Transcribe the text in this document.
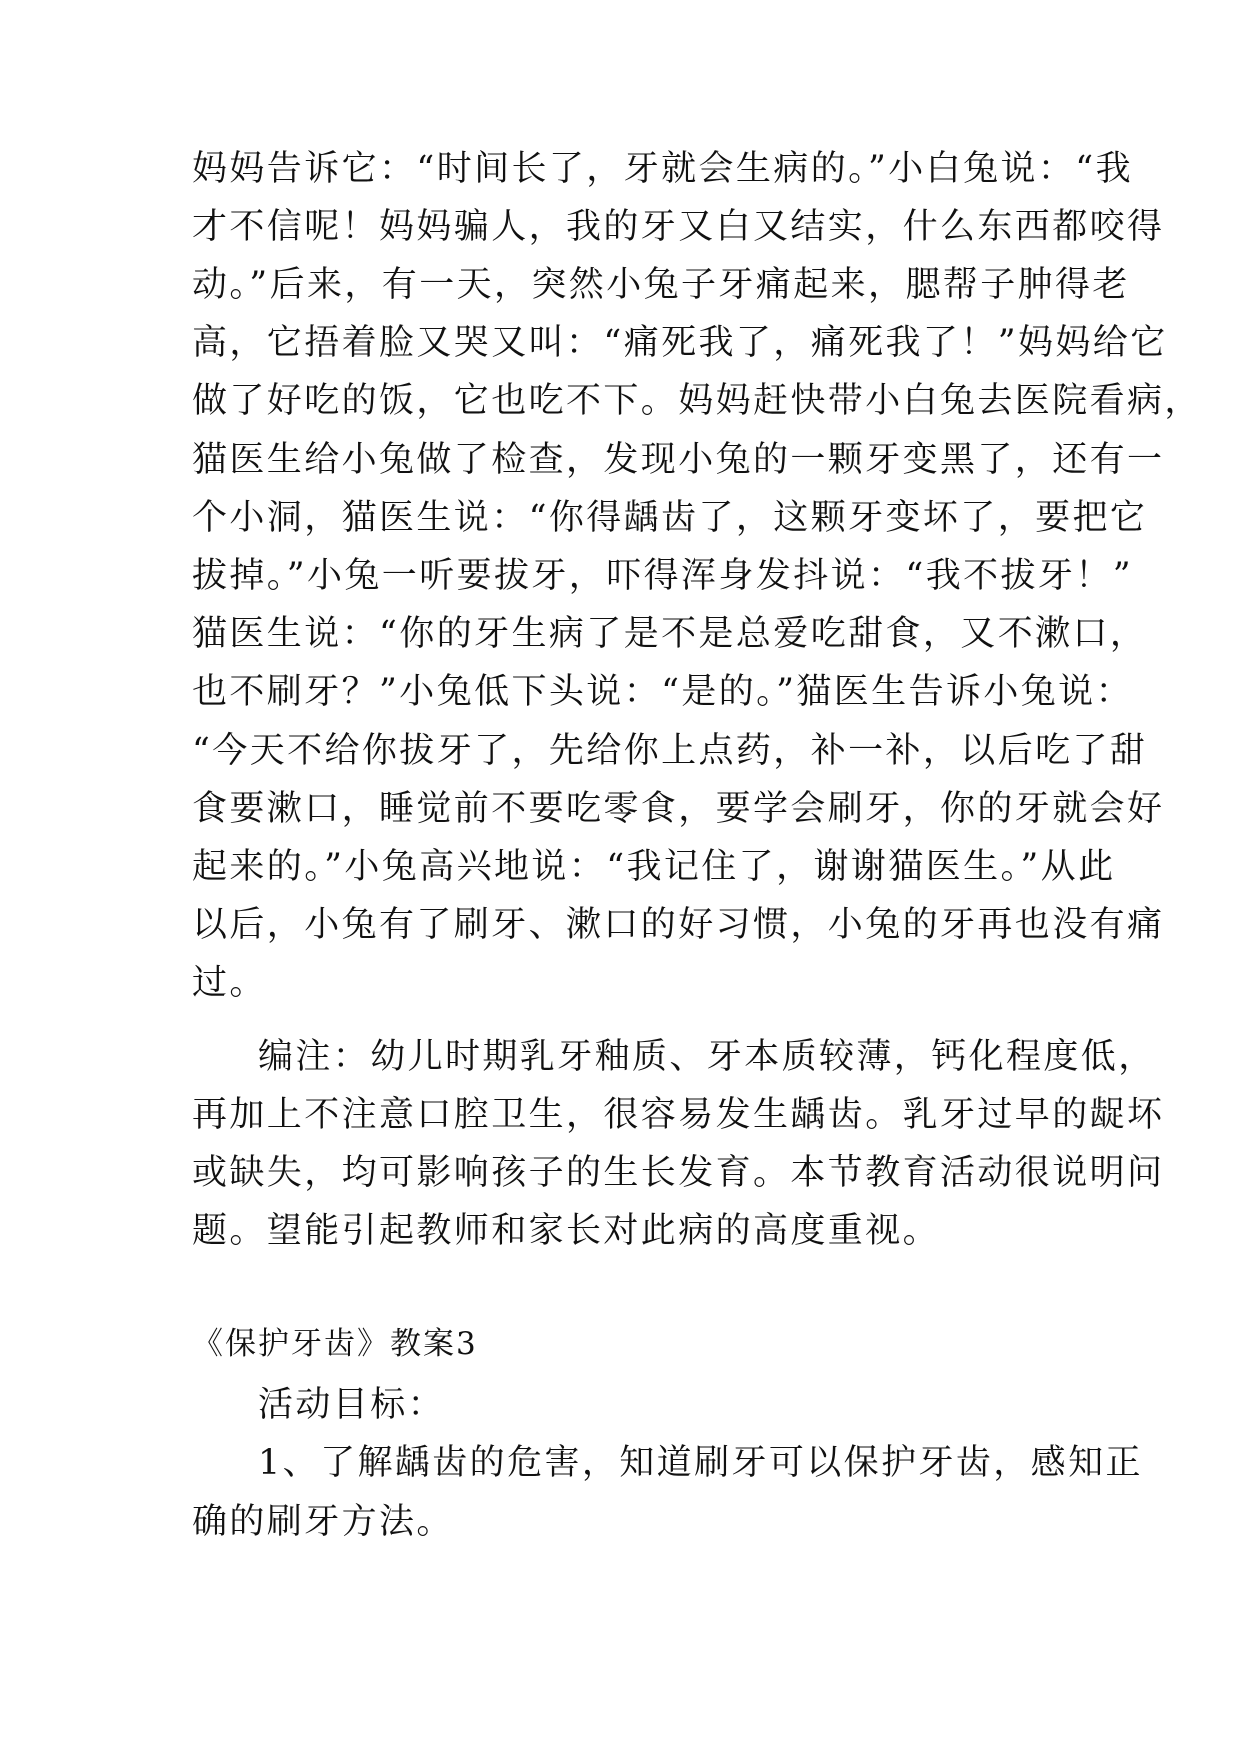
妈妈告诉它：“时间长了，牙就会生病的。”小白兔说：“我
才不信呢！妈妈骗人，我的牙又白又结实，什么东西都咬得
动。”后来，有一天，突然小兔子牙痛起来，腮帮子肿得老
高，它捂着脸又哭又叫：“痛死我了，痛死我了！”妈妈给它
做了好吃的饭，它也吃不下。妈妈赶快带小白兔去医院看病，
猫医生给小兔做了检查，发现小兔的一颗牙变黑了，还有一
个小洞，猫医生说：“你得龋齿了，这颗牙变坏了，要把它
拔掉。”小兔一听要拔牙，吓得浑身发抖说：“我不拔牙！”
猫医生说：“你的牙生病了是不是总爱吃甜食，又不漱口，
也不刷牙？”小兔低下头说：“是的。”猫医生告诉小兔说：
“今天不给你拔牙了，先给你上点药，补一补，以后吃了甜
食要漱口，睡觉前不要吃零食，要学会刷牙，你的牙就会好
起来的。”小兔高兴地说：“我记住了，谢谢猫医生。”从此
以后，小兔有了刷牙、漱口的好习惯，小兔的牙再也没有痛
过。
编注：幼儿时期乳牙釉质、牙本质较薄，钙化程度低，
再加上不注意口腔卫生，很容易发生龋齿。乳牙过早的龊坏
或缺失，均可影响孩子的生长发育。本节教育活动很说明问
题。望能引起教师和家长对此病的高度重视。
《保护牙齿》教案3
活动目标：
1、了解龋齿的危害，知道刷牙可以保护牙齿，感知正
确的刷牙方法。
